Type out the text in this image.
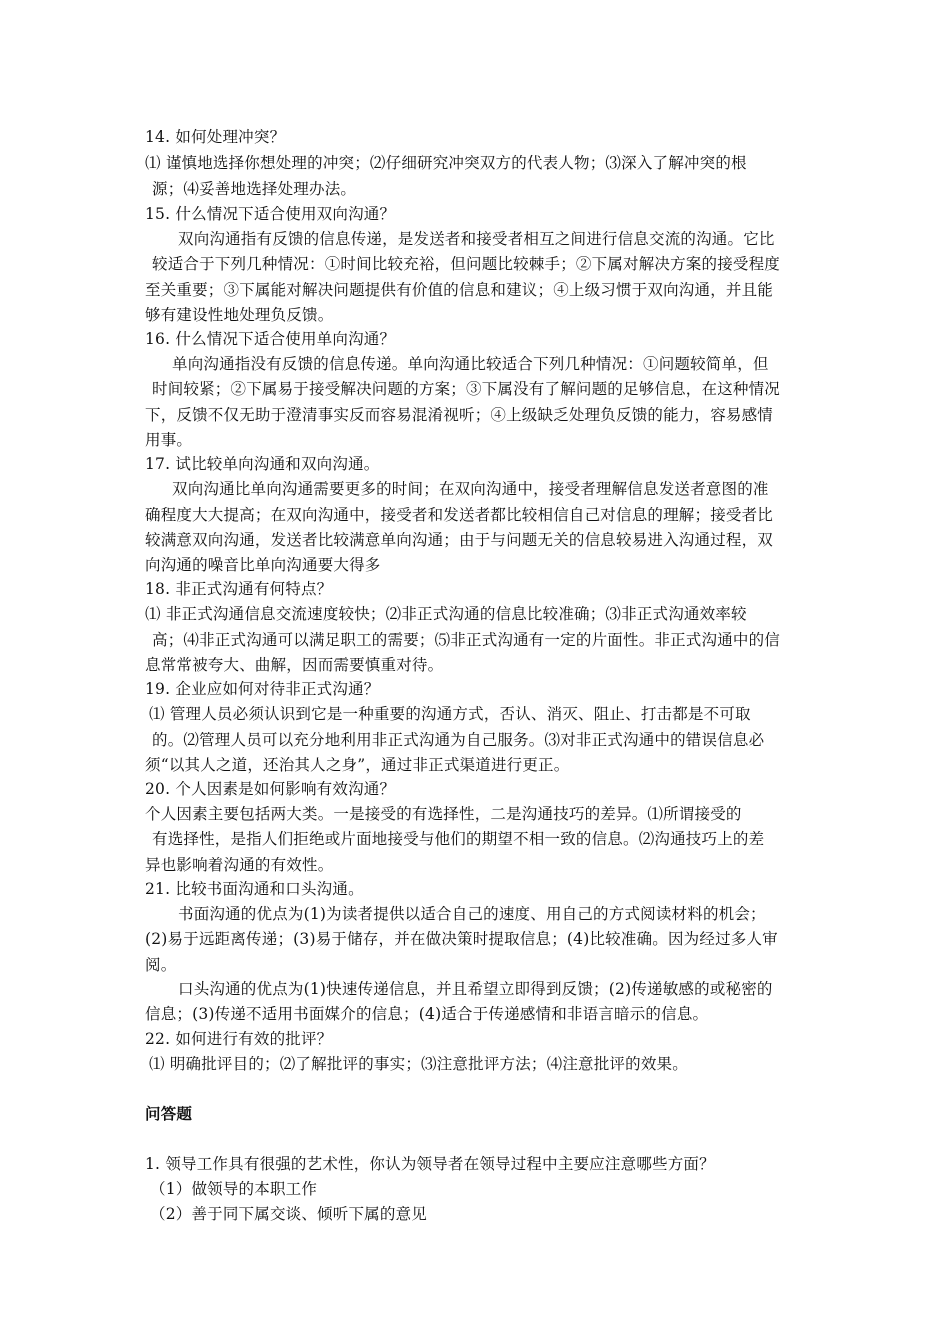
14. 如何处理冲突？
⑴ 谨慎地选择你想处理的冲突；⑵仔细研究冲突双方的代表人物；⑶深入了解冲突的根
源；⑷妥善地选择处理办法。
15. 什么情况下适合使用双向沟通？
双向沟通指有反馈的信息传递，是发送者和接受者相互之间进行信息交流的沟通。它比
较适合于下列几种情况：①时间比较充裕，但问题比较棘手；②下属对解决方案的接受程度
至关重要；③下属能对解决问题提供有价值的信息和建议；④上级习惯于双向沟通，并且能
够有建设性地处理负反馈。
16. 什么情况下适合使用单向沟通？
单向沟通指没有反馈的信息传递。单向沟通比较适合下列几种情况：①问题较简单，但
时间较紧；②下属易于接受解决问题的方案；③下属没有了解问题的足够信息，在这种情况
下，反馈不仅无助于澄清事实反而容易混淆视听；④上级缺乏处理负反馈的能力，容易感情
用事。
17. 试比较单向沟通和双向沟通。
双向沟通比单向沟通需要更多的时间；在双向沟通中，接受者理解信息发送者意图的准
确程度大大提高；在双向沟通中，接受者和发送者都比较相信自己对信息的理解；接受者比
较满意双向沟通，发送者比较满意单向沟通；由于与问题无关的信息较易进入沟通过程，双
向沟通的噪音比单向沟通要大得多
18. 非正式沟通有何特点？
⑴ 非正式沟通信息交流速度较快；⑵非正式沟通的信息比较准确；⑶非正式沟通效率较
高；⑷非正式沟通可以满足职工的需要；⑸非正式沟通有一定的片面性。非正式沟通中的信
息常常被夸大、曲解，因而需要慎重对待。
19. 企业应如何对待非正式沟通？
⑴ 管理人员必须认识到它是一种重要的沟通方式，否认、消灭、阻止、打击都是不可取
的。⑵管理人员可以充分地利用非正式沟通为自己服务。⑶对非正式沟通中的错误信息必
须“以其人之道，还治其人之身”，通过非正式渠道进行更正。
20. 个人因素是如何影响有效沟通？
个人因素主要包括两大类。一是接受的有选择性，二是沟通技巧的差异。⑴所谓接受的
有选择性，是指人们拒绝或片面地接受与他们的期望不相一致的信息。⑵沟通技巧上的差
异也影响着沟通的有效性。
21. 比较书面沟通和口头沟通。
书面沟通的优点为(1)为读者提供以适合自己的速度、用自己的方式阅读材料的机会；
(2)易于远距离传递；(3)易于储存，并在做决策时提取信息；(4)比较准确。因为经过多人审
阅。
口头沟通的优点为(1)快速传递信息，并且希望立即得到反馈；(2)传递敏感的或秘密的
信息；(3)传递不适用书面媒介的信息；(4)适合于传递感情和非语言暗示的信息。
22. 如何进行有效的批评？
⑴ 明确批评目的；⑵了解批评的事实；⑶注意批评方法；⑷注意批评的效果。
问答题
1. 领导工作具有很强的艺术性，你认为领导者在领导过程中主要应注意哪些方面？
（1）做领导的本职工作
（2）善于同下属交谈、倾听下属的意见
